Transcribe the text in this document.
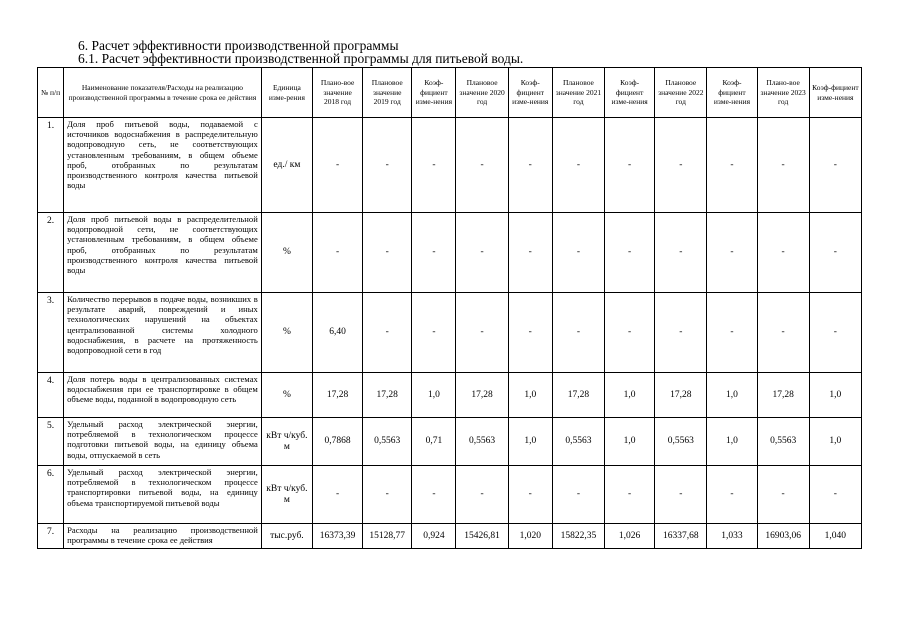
6. Расчет эффективности производственной программы
6.1. Расчет эффективности производственной программы для питьевой воды.
№ п/п	Наименование показателя/Расходы на реализацию производственной программы в течение срока ее действия	Единица изме-рения	Плано-вое значение 2018 год	Плановое значение 2019 год	Коэф-фициент изме-нения	Плановое значение 2020 год	Коэф-фициент изме-нения	Плановое значение 2021 год	Коэф-фициент изме-нения	Плановое значение 2022 год	Коэф-фициент изме-нения	Плано-вое значение 2023 год	Коэф-фициент изме-нения
1.	Доля проб питьевой воды, подаваемой с источников водоснабжения в распределительную водопроводную сеть, не соответствующих установленным требованиям, в общем объеме проб, отобранных по результатам производственного контроля качества питьевой воды	ед./ км	-	-	-	-	-	-	-	-	-	-	-
2.	Доля проб питьевой воды в распределительной водопроводной сети, не соответствующих установленным требованиям, в общем объеме проб, отобранных по результатам производственного контроля качества питьевой воды	%	-	-	-	-	-	-	-	-	-	-	-
3.	Количество перерывов в подаче воды, возникших в результате аварий, повреждений и иных технологических нарушений на объектах централизованной системы холодного водоснабжения, в расчете на протяженность водопроводной сети в год	%	6,40	-	-	-	-	-	-	-	-	-	-
4.	Доля потерь воды в централизованных системах водоснабжения при ее транспортировке в общем объеме воды, поданной в водопроводную сеть	%	17,28	17,28	1,0	17,28	1,0	17,28	1,0	17,28	1,0	17,28	1,0
5.	Удельный расход электрической энергии, потребляемой в технологическом процессе подготовки питьевой воды, на единицу объема воды, отпускаемой в сеть	кВт ч/куб. м	0,7868	0,5563	0,71	0,5563	1,0	0,5563	1,0	0,5563	1,0	0,5563	1,0
6.	Удельный расход электрической энергии, потребляемой в технологическом процессе транспортировки питьевой воды, на единицу объема транспортируемой питьевой воды	кВт ч/куб. м	-	-	-	-	-	-	-	-	-	-	-
7.	Расходы на реализацию производственной программы в течение срока ее действия	тыс.руб.	16373,39	15128,77	0,924	15426,81	1,020	15822,35	1,026	16337,68	1,033	16903,06	1,040
